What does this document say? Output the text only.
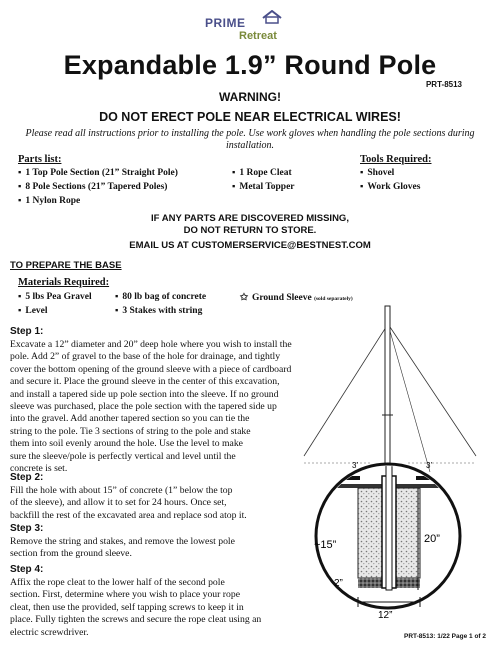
PRIME
Retreat
Expandable 1.9” Round Pole
PRT-8513
WARNING!
DO NOT ERECT POLE NEAR ELECTRICAL WIRES!
Please read all instructions prior to installing the pole. Use work gloves when handling the pole sections during installation.
Parts list:
▪ 1 Top Pole Section (21” Straight Pole)
▪ 8 Pole Sections (21” Tapered Poles)
▪ 1 Nylon Rope
▪ 1 Rope Cleat
▪ Metal Topper
Tools Required:
▪ Shovel
▪ Work Gloves
IF ANY PARTS ARE DISCOVERED MISSING,
DO NOT RETURN TO STORE.
EMAIL US AT CUSTOMERSERVICE@BESTNEST.COM
TO PREPARE THE BASE
Materials Required:
▪ 5 lbs Pea Gravel ▪ 80 lb bag of concrete	✩ Ground Sleeve (sold separately)
▪ Level	▪ 3 Stakes with string
3’	3’
~15”	20”
2”
12”
Step 1:
Excavate a 12” diameter and 20” deep hole where you wish to install the
pole. Add 2” of gravel to the base of the hole for drainage, and tightly
cover the bottom opening of the ground sleeve with a piece of cardboard
and secure it. Place the ground sleeve in the center of this excavation,
and install a tapered side up pole section into the sleeve. If no ground
sleeve was purchased, place the pole section with the tapered side up
into the gravel. Add another tapered section so you can tie the
string to the pole. Tie 3 sections of string to the pole and stake
them into soil evenly around the hole. Use the level to make
sure the sleeve/pole is perfectly vertical and level until the
concrete is set.
Step 2:
Fill the hole with about 15” of concrete (1” below the top
of the sleeve), and allow it to set for 24 hours. Once set,
backfill the rest of the excavated area and replace sod atop it.
Step 3:
Remove the string and stakes, and remove the lowest pole
section from the ground sleeve.
Step 4:
Affix the rope cleat to the lower half of the second pole
section. First, determine where you wish to place your rope
cleat, then use the provided, self tapping screws to keep it in
place. Fully tighten the screws and secure the rope cleat using an
electric screwdriver.	PRT-8513: 1/22 Page 1 of 2
